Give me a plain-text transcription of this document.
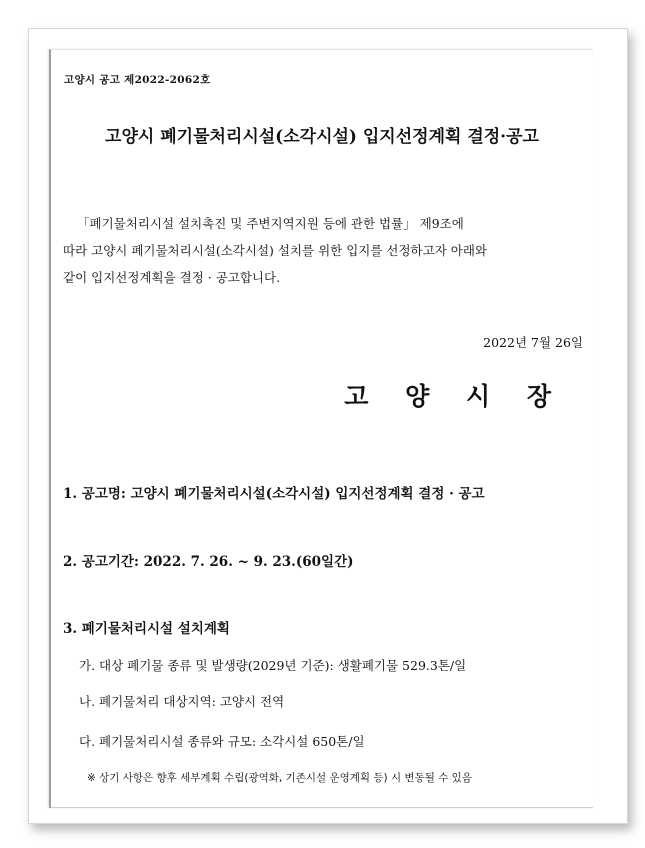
고양시 공고 제2022-2062호
고양시 폐기물처리시설(소각시설) 입지선정계획 결정·공고
「폐기물처리시설 설치촉진 및 주변지역지원 등에 관한 법률」 제9조에
따라 고양시 폐기물처리시설(소각시설) 설치를 위한 입지를 선정하고자 아래와
같이 입지선정계획을 결정 · 공고합니다.
2022년 7월 26일
고 양 시 장
1. 공고명: 고양시 폐기물처리시설(소각시설) 입지선정계획 결정 · 공고
2. 공고기간: 2022. 7. 26. ~ 9. 23.(60일간)
3. 폐기물처리시설 설치계획
가. 대상 폐기물 종류 및 발생량(2029년 기준): 생활폐기물 529.3톤/일
나. 폐기물처리 대상지역: 고양시 전역
다. 폐기물처리시설 종류와 규모: 소각시설 650톤/일
※ 상기 사항은 향후 세부계획 수립(광역화, 기존시설 운영계획 등) 시 변동될 수 있음
